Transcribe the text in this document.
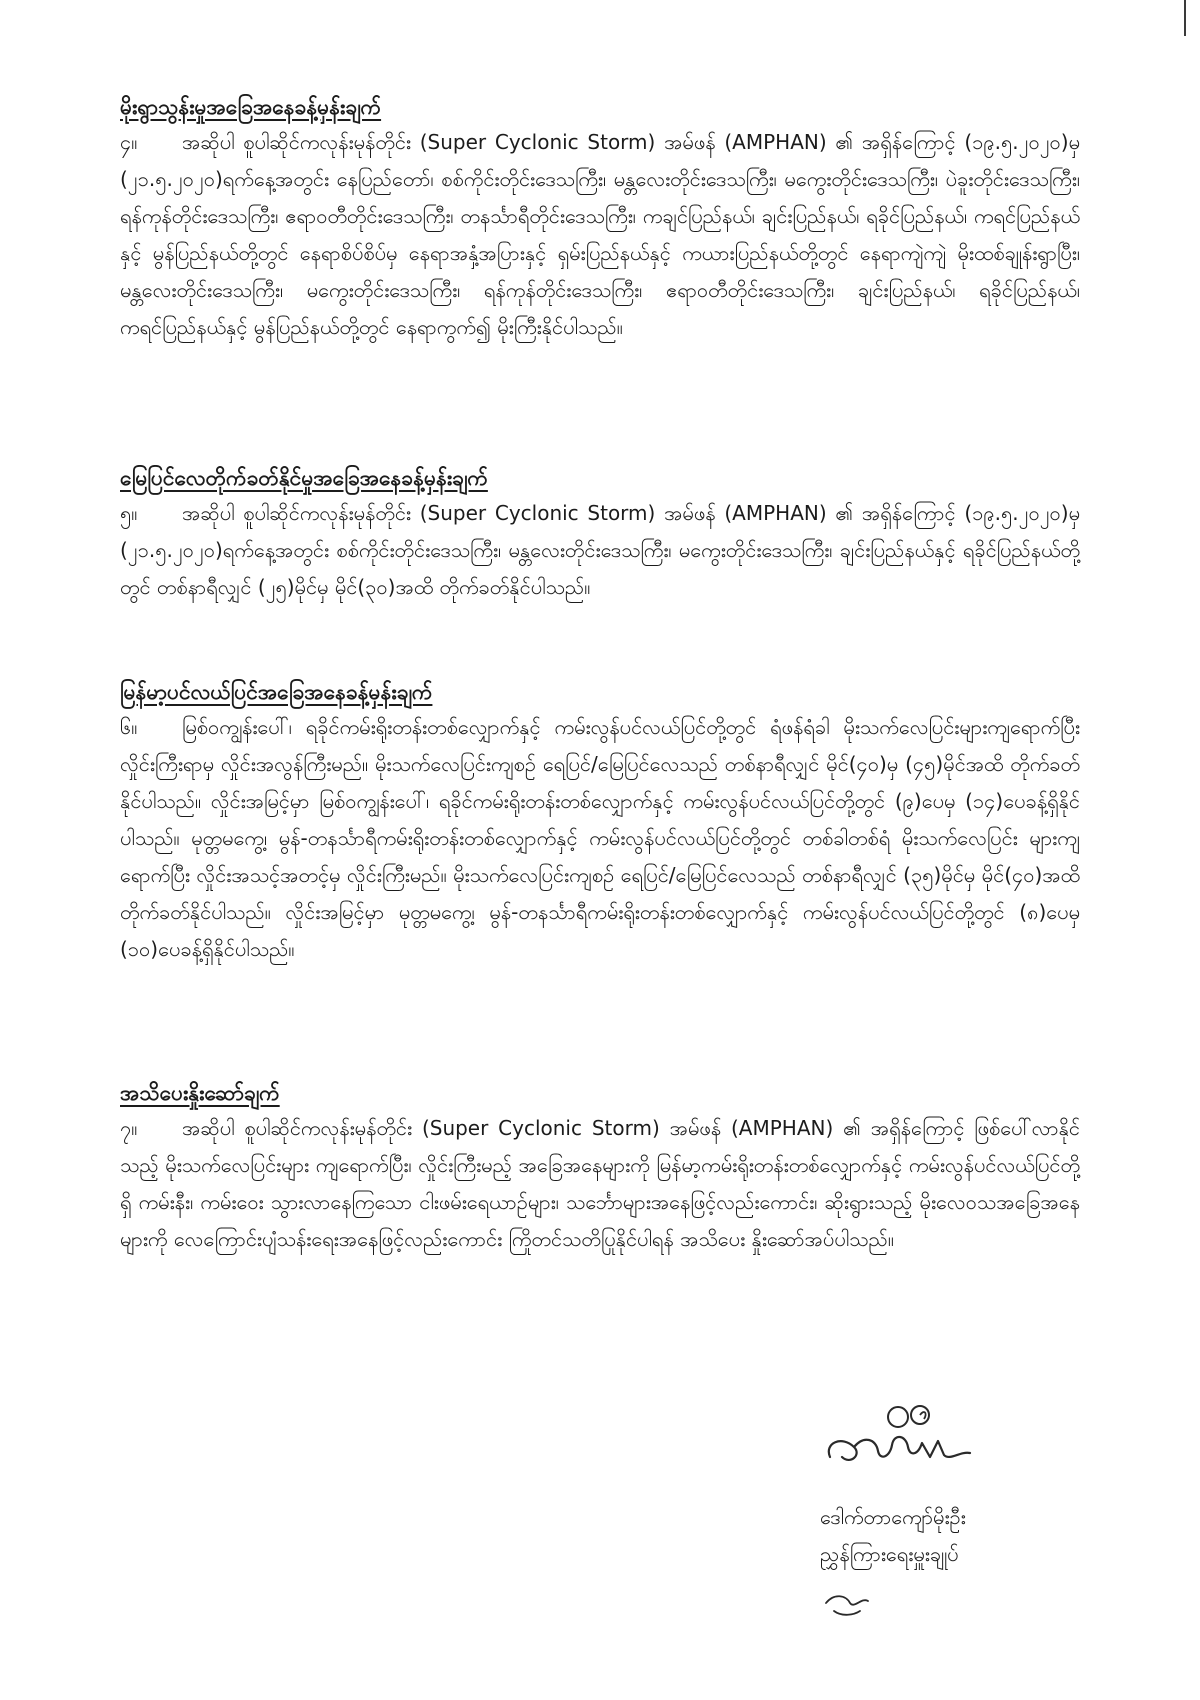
မိုးရွာသွန်းမှုအခြေအနေခန့်မှန်းချက်

၄။ အဆိုပါ စူပါဆိုင်ကလုန်းမုန်တိုင်း (Super Cyclonic Storm) အမ်ဖန် (AMPHAN) ၏ အရှိန်ကြောင့် (၁၉.၅.၂၀၂၀)မှ (၂၁.၅.၂၀၂၀)ရက်နေ့အတွင်း နေပြည်တော်၊ စစ်ကိုင်းတိုင်းဒေသကြီး၊ မန္တလေးတိုင်းဒေသကြီး၊ မကွေးတိုင်းဒေသကြီး၊ ပဲခူးတိုင်းဒေသကြီး၊ ရန်ကုန်တိုင်းဒေသကြီး၊ ဧရာဝတီတိုင်းဒေသကြီး၊ တနင်္သာရီတိုင်းဒေသကြီး၊ ကချင်ပြည်နယ်၊ ချင်းပြည်နယ်၊ ရခိုင်ပြည်နယ်၊ ကရင်ပြည်နယ်နှင့် မွန်ပြည်နယ်တို့တွင် နေရာစိပ်စိပ်မှ နေရာအနှံ့အပြားနှင့် ရှမ်းပြည်နယ်နှင့် ကယားပြည်နယ်တို့တွင် နေရာကျဲကျဲ မိုးထစ်ချုန်းရွာပြီး၊ မန္တလေးတိုင်းဒေသကြီး၊ မကွေးတိုင်းဒေသကြီး၊ ရန်ကုန်တိုင်းဒေသကြီး၊ ဧရာဝတီတိုင်းဒေသကြီး၊ ချင်းပြည်နယ်၊ ရခိုင်ပြည်နယ်၊ ကရင်ပြည်နယ်နှင့် မွန်ပြည်နယ်တို့တွင် နေရာကွက်၍ မိုးကြီးနိုင်ပါသည်။

မြေပြင်လေတိုက်ခတ်နိုင်မှုအခြေအနေခန့်မှန်းချက်

၅။ အဆိုပါ စူပါဆိုင်ကလုန်းမုန်တိုင်း (Super Cyclonic Storm) အမ်ဖန် (AMPHAN) ၏ အရှိန်ကြောင့် (၁၉.၅.၂၀၂၀)မှ (၂၁.၅.၂၀၂၀)ရက်နေ့အတွင်း စစ်ကိုင်းတိုင်းဒေသကြီး၊ မန္တလေးတိုင်းဒေသကြီး၊ မကွေးတိုင်းဒေသကြီး၊ ချင်းပြည်နယ်နှင့် ရခိုင်ပြည်နယ်တို့တွင် တစ်နာရီလျှင် (၂၅)မိုင်မှ မိုင်(၃၀)အထိ တိုက်ခတ်နိုင်ပါသည်။

မြန်မာ့ပင်လယ်ပြင်အခြေအနေခန့်မှန်းချက်

၆။ မြစ်ဝကျွန်းပေါ်၊ ရခိုင်ကမ်းရိုးတန်းတစ်လျှောက်နှင့် ကမ်းလွန်ပင်လယ်ပြင်တို့တွင် ရံဖန်ရံခါ မိုးသက်လေပြင်းများကျရောက်ပြီး လှိုင်းကြီးရာမှ လှိုင်းအလွန်ကြီးမည်။ မိုးသက်လေပြင်းကျစဉ် ရေပြင်/မြေပြင်လေသည် တစ်နာရီလျှင် မိုင်(၄၀)မှ (၄၅)မိုင်အထိ တိုက်ခတ်နိုင်ပါသည်။ လှိုင်းအမြင့်မှာ မြစ်ဝကျွန်းပေါ်၊ ရခိုင်ကမ်းရိုးတန်းတစ်လျှောက်နှင့် ကမ်းလွန်ပင်လယ်ပြင်တို့တွင် (၉)ပေမှ (၁၄)ပေခန့်ရှိနိုင်ပါသည်။ မုတ္တမကွေ့၊ မွန်-တနင်္သာရီကမ်းရိုးတန်းတစ်လျှောက်နှင့် ကမ်းလွန်ပင်လယ်ပြင်တို့တွင် တစ်ခါတစ်ရံ မိုးသက်လေပြင်း များကျရောက်ပြီး လှိုင်းအသင့်အတင့်မှ လှိုင်းကြီးမည်။ မိုးသက်လေပြင်းကျစဉ် ရေပြင်/မြေပြင်လေသည် တစ်နာရီလျှင် (၃၅)မိုင်မှ မိုင်(၄၀)အထိ တိုက်ခတ်နိုင်ပါသည်။ လှိုင်းအမြင့်မှာ မုတ္တမကွေ့၊ မွန်-တနင်္သာရီကမ်းရိုးတန်းတစ်လျှောက်နှင့် ကမ်းလွန်ပင်လယ်ပြင်တို့တွင် (၈)ပေမှ (၁၀)ပေခန့်ရှိနိုင်ပါသည်။

အသိပေးနှိုးဆော်ချက်

၇။ အဆိုပါ စူပါဆိုင်ကလုန်းမုန်တိုင်း (Super Cyclonic Storm) အမ်ဖန် (AMPHAN) ၏ အရှိန်ကြောင့် ဖြစ်ပေါ်လာနိုင်သည့် မိုးသက်လေပြင်းများ ကျရောက်ပြီး၊ လှိုင်းကြီးမည့် အခြေအနေများကို မြန်မာ့ကမ်းရိုးတန်းတစ်လျှောက်နှင့် ကမ်းလွန်ပင်လယ်ပြင်တို့ရှိ ကမ်းနီး၊ ကမ်းဝေး သွားလာနေကြသော ငါးဖမ်းရေယာဉ်များ၊ သင်္ဘောများအနေဖြင့်လည်းကောင်း၊ ဆိုးရွားသည့် မိုးလေဝသအခြေအနေများကို လေကြောင်းပျံသန်းရေးအနေဖြင့်လည်းကောင်း ကြိုတင်သတိပြုနိုင်ပါရန် အသိပေး နှိုးဆော်အပ်ပါသည်။

ဒေါက်တာကျော်မိုးဦး
ညွှန်ကြားရေးမှူးချုပ်
